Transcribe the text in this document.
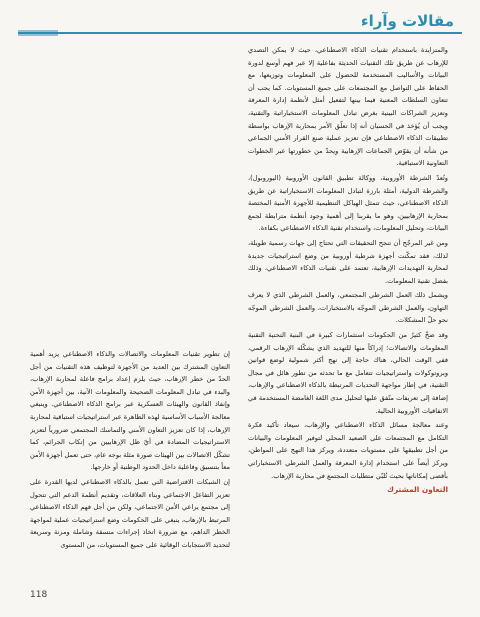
مقالات وآراء

والمتزايدة باستخدام تقنيات الذكاء الاصطناعي، حيث لا يمكن التصدي للإرهاب عن طريق تلك التقنيات الحديثة بفاعلية إلا عبر فهم أوسع لدورة البيانات والأساليب المستخدمة للحصول على المعلومات وتوزيعها، مع الحفاظ على التواصل مع المجتمعات على جميع المستويات. كما يجب أن تتعاون السلطات المعنية فيما بينها لتفعيل أمثل لأنظمة إدارة المعرفة وتعزيز الشراكات البينية بغرض تبادل المعلومات الاستخباراتية والتقنية، ويجب أن يُؤخذ في الحسبان أنه إذا تعلّق الأمر بمحاربة الإرهاب بواسطة تطبيقات الذكاء الاصطناعي فإن تعزيز عملية صنع القرار الأمني الجماعي من شأنه أن يقوّض الجماعات الإرهابية ويحدّ من خطورتها عبر الخطوات التعاونية الاستباقية.

وتُعدّ الشرطة الأوروبية، ووكالة تطبيق القانون الأوروبية (اليوروبول)، والشرطة الدولية، أمثلة بارزة لتبادل المعلومات الاستخباراتية عن طريق الذكاء الاصطناعي، حيث تتمثل الهياكل التنظيمية للأجهزة الأمنية المختصة بمحاربة الإرهابيين، وهو ما يقربنا إلى أهمية وجود أنظمة مترابطة لجمع البيانات، وتحليل المعلومات، واستخدام تقنية الذكاء الاصطناعي بكفاءة.

ومن غير المرجّح أن تنجح التحقيقات التي تحتاج إلى جهات رسمية طويلة، لذلك، فقد تمكّنت أجهزة شرطية أوروبية من وضع استراتيجيات جديدة لمحاربة التهديدات الإرهابية، تعتمد على تقنيات الذكاء الاصطناعي، وذلك بفضل تقنية المعلومات.

ويشمل ذلك العمل الشرطي المجتمعي، والعمل الشرطي الذي لا يعرف التهاون، والعمل الشرطي الموجّه بالاستخبارات، والعمل الشرطي الموجّه نحو حلّ المشكلات.

وقد ضخّ كثيرٌ من الحكومات استثمارات كبيرة في البنية التحتية التقنية المعلومات والاتصالات؛ إدراكاً منها للتهديد الذي يشكّله الإرهاب الرقمي، ففي الوقت الحالي، هناك حاجة إلى نهج أكثر شمولية لوضع قوانين وبروتوكولات واستراتيجيات تتعامل مع ما تحدثه من تطور هائل في مجال التقنية، في إطار مواجهة التحديات المرتبطة بالذكاء الاصطناعي والإرهاب، إضافة إلى تعريفات متّفق عليها لتحليل مدى اللغة الغامضة المستخدمة في الاتفاقيات الأوروبية الحالية.

وعند معالجة مسائل الذكاء الاصطناعي والإرهاب، سيعاد تأكيد فكرة التكامل مع المجتمعات على الصعيد المحلي لتوفير المعلومات والبيانات من أجل تطبيقها على مستويات متعددة، ويركز هذا النهج على المواطن، ويركز أيضاً على استخدام إدارة المعرفة والعمل الشرطي الاستخباراتي بأقصى إمكاناتها بحيث تُلبّي متطلبات المجتمع في محاربة الإرهاب.

التعاون المشترك

إن تطوير تقنيات المعلومات والاتصالات والذكاء الاصطناعي يزيد أهمية التعاون المشترك بين العديد من الأجهزة لتوظيف هذه التقنيات من أجل الحدّ من خطر الإرهاب، حيث يلزم إعداد برامج فاعلة لمحاربة الإرهاب، والبدء في تبادل المعلومات الصحيحة والمعلومات الآنية، بين أجهزة الأمن وإنفاذ القانون والهيئات العسكرية عبر برامج الذكاء الاصطناعي. وينبغي معالجة الأسباب الأساسية لهذه الظاهرة عبر استراتيجيات استباقية لمحاربة الإرهاب، إذا كان تعزيز التعاون الأمني والتماسك المجتمعي ضرورياً لتعزيز الاستراتيجيات المضادة في أيّ ظل الإرهابيين من إتكاب الجرائم، كما تشكّل الاتصالات بين الهيئات صورة مثلة بوجه عام، حتى تعمل أجهزة الأمن معاً بتنسيق وفاعلية داخل الحدود الوطنية أو خارجها.

إن الشبكات الافتراضية التي تعمل بالذكاء الاصطناعي لديها القدرة على تعزيز التفاعل الاجتماعي وبناء العلاقات، وتقديم أنظمة الدعم التي تتحول إلى مجتمع يراعي الأمن الاجتماعي، ولكن من أجل فهم الذكاء الاصطناعي المرتبط بالإرهاب، ينبغي على الحكومات وضع استراتيجيات عملية لمواجهة الخطر الداهم، مع ضرورة اتخاذ إجراءات منسقة وشاملة ومرنة وسريعة لتحديد الاستجابات الوقائية على جميع المستويات، من المستوى

118
